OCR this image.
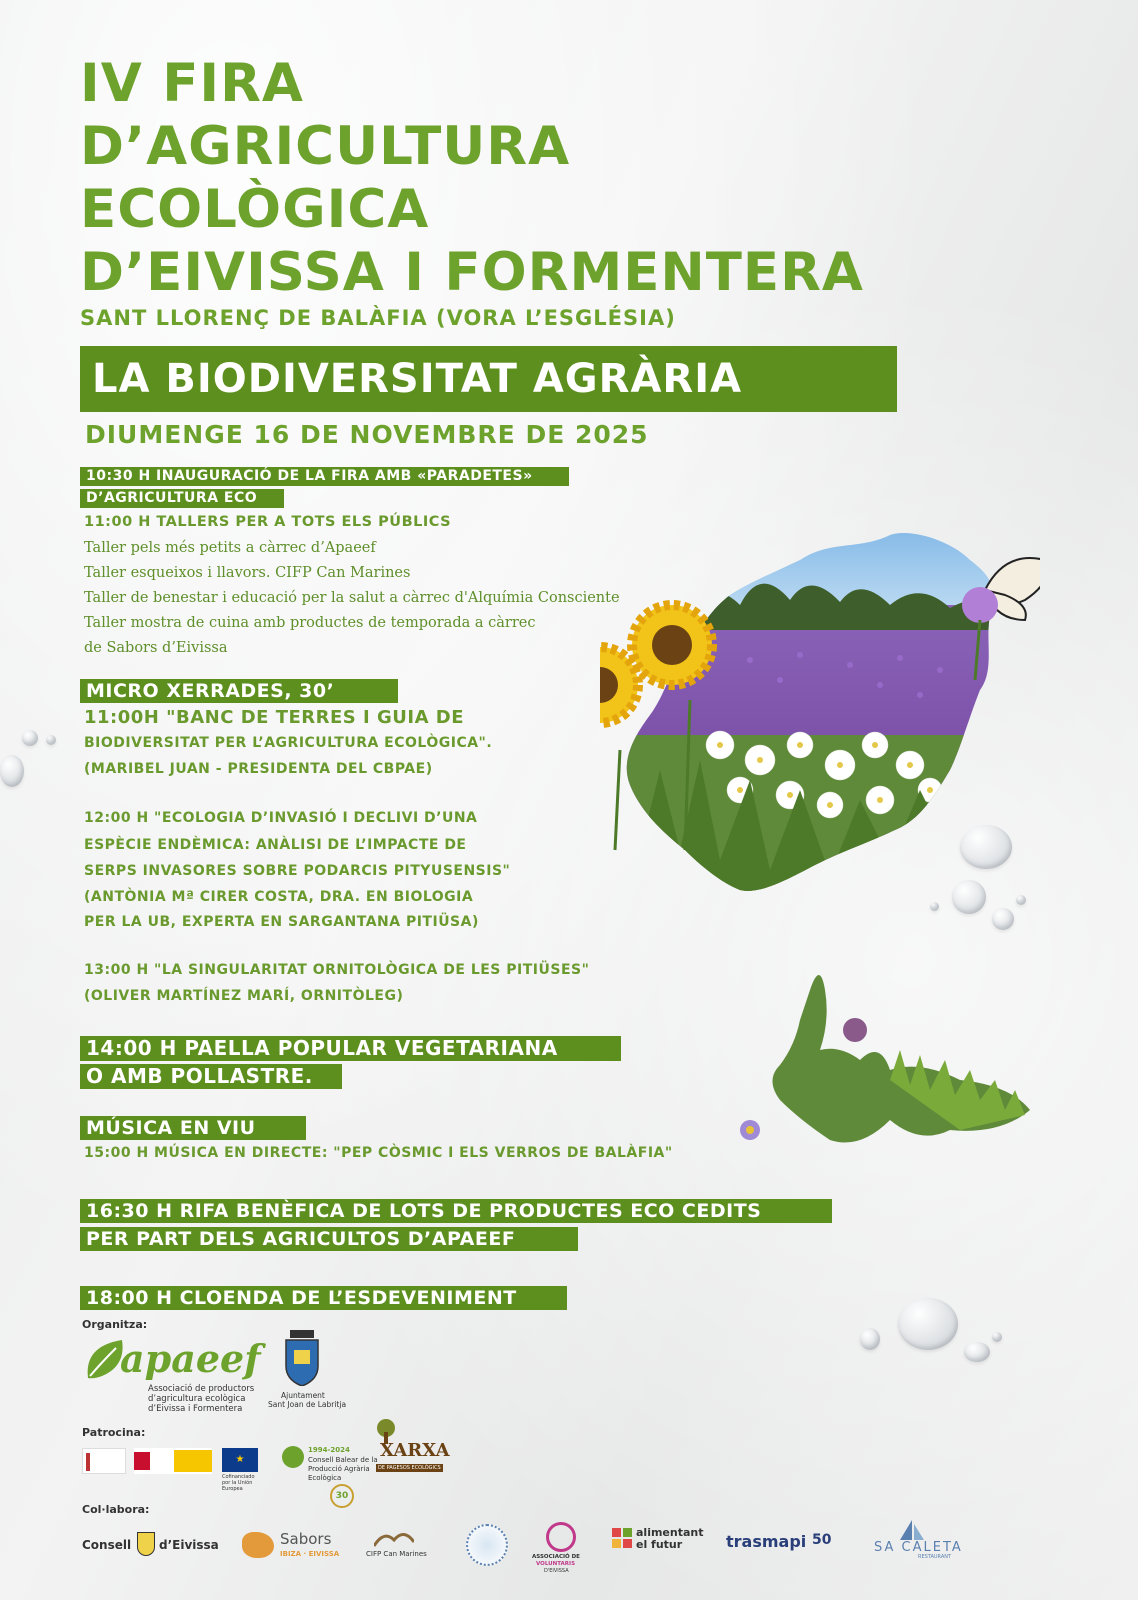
IV FIRA
D’AGRICULTURA
ECOLÒGICA
D’EIVISSA I FORMENTERA
SANT LLORENÇ DE BALÀFIA (VORA L’ESGLÉSIA)
LA BIODIVERSITAT AGRÀRIA
DIUMENGE 16 DE NOVEMBRE DE 2025
10:30 H INAUGURACIÓ DE LA FIRA AMB «PARADETES»
D’AGRICULTURA ECO
11:00 H TALLERS PER A TOTS ELS PÚBLICS
Taller pels més petits a càrrec d’Apaeef
Taller esqueixos i llavors. CIFP Can Marines
Taller de benestar i educació per la salut a càrrec d'Alquímia Consciente
Taller mostra de cuina amb productes de temporada a càrrec
de Sabors d’Eivissa
MICRO XERRADES, 30’
11:00H "BANC DE TERRES I GUIA DE
BIODIVERSITAT PER L’AGRICULTURA ECOLÒGICA".
(MARIBEL JUAN - PRESIDENTA DEL CBPAE)
12:00 H "ECOLOGIA D’INVASIÓ I DECLIVI D’UNA
ESPÈCIE ENDÈMICA: ANÀLISI DE L’IMPACTE DE
SERPS INVASORES SOBRE PODARCIS PITYUSENSIS"
(ANTÒNIA Mª CIRER COSTA, DRA. EN BIOLOGIA
PER LA UB, EXPERTA EN SARGANTANA PITIÜSA)
13:00 H "LA SINGULARITAT ORNITOLÒGICA DE LES PITIÜSES"
(OLIVER MARTÍNEZ MARÍ, ORNITÒLEG)
14:00 H PAELLA POPULAR VEGETARIANA
O AMB POLLASTRE.
MÚSICA EN VIU
15:00 H MÚSICA EN DIRECTE: "PEP CÒSMIC I ELS VERROS DE BALÀFIA"
16:30 H RIFA BENÈFICA DE LOTS DE PRODUCTES ECO CEDITS
PER PART DELS AGRICULTOS D’APAEEF
18:00 H CLOENDA DE L’ESDEVENIMENT
Organitza:
apaeef
Associació de productors
d’agricultura ecològica
d’Eivissa i Formentera
Ajuntament
Sant Joan de Labritja
Patrocina:
★
Cofinanciado por la Unión Europea
1994-2024
Consell Balear de la
Producció Agrària
Ecològica
30
XARXA
DE PAGESOS ECOLÒGICS
Col·labora:
Consell d’Eivissa	Sabors
IBIZA · EIVISSA	CIFP Can Marines	ASSOCIACIÓ DE
VOLUNTARIS
D'EIVISSA
alimentant
el futur	trasmapi 50	SA CALETA
RESTAURANT
